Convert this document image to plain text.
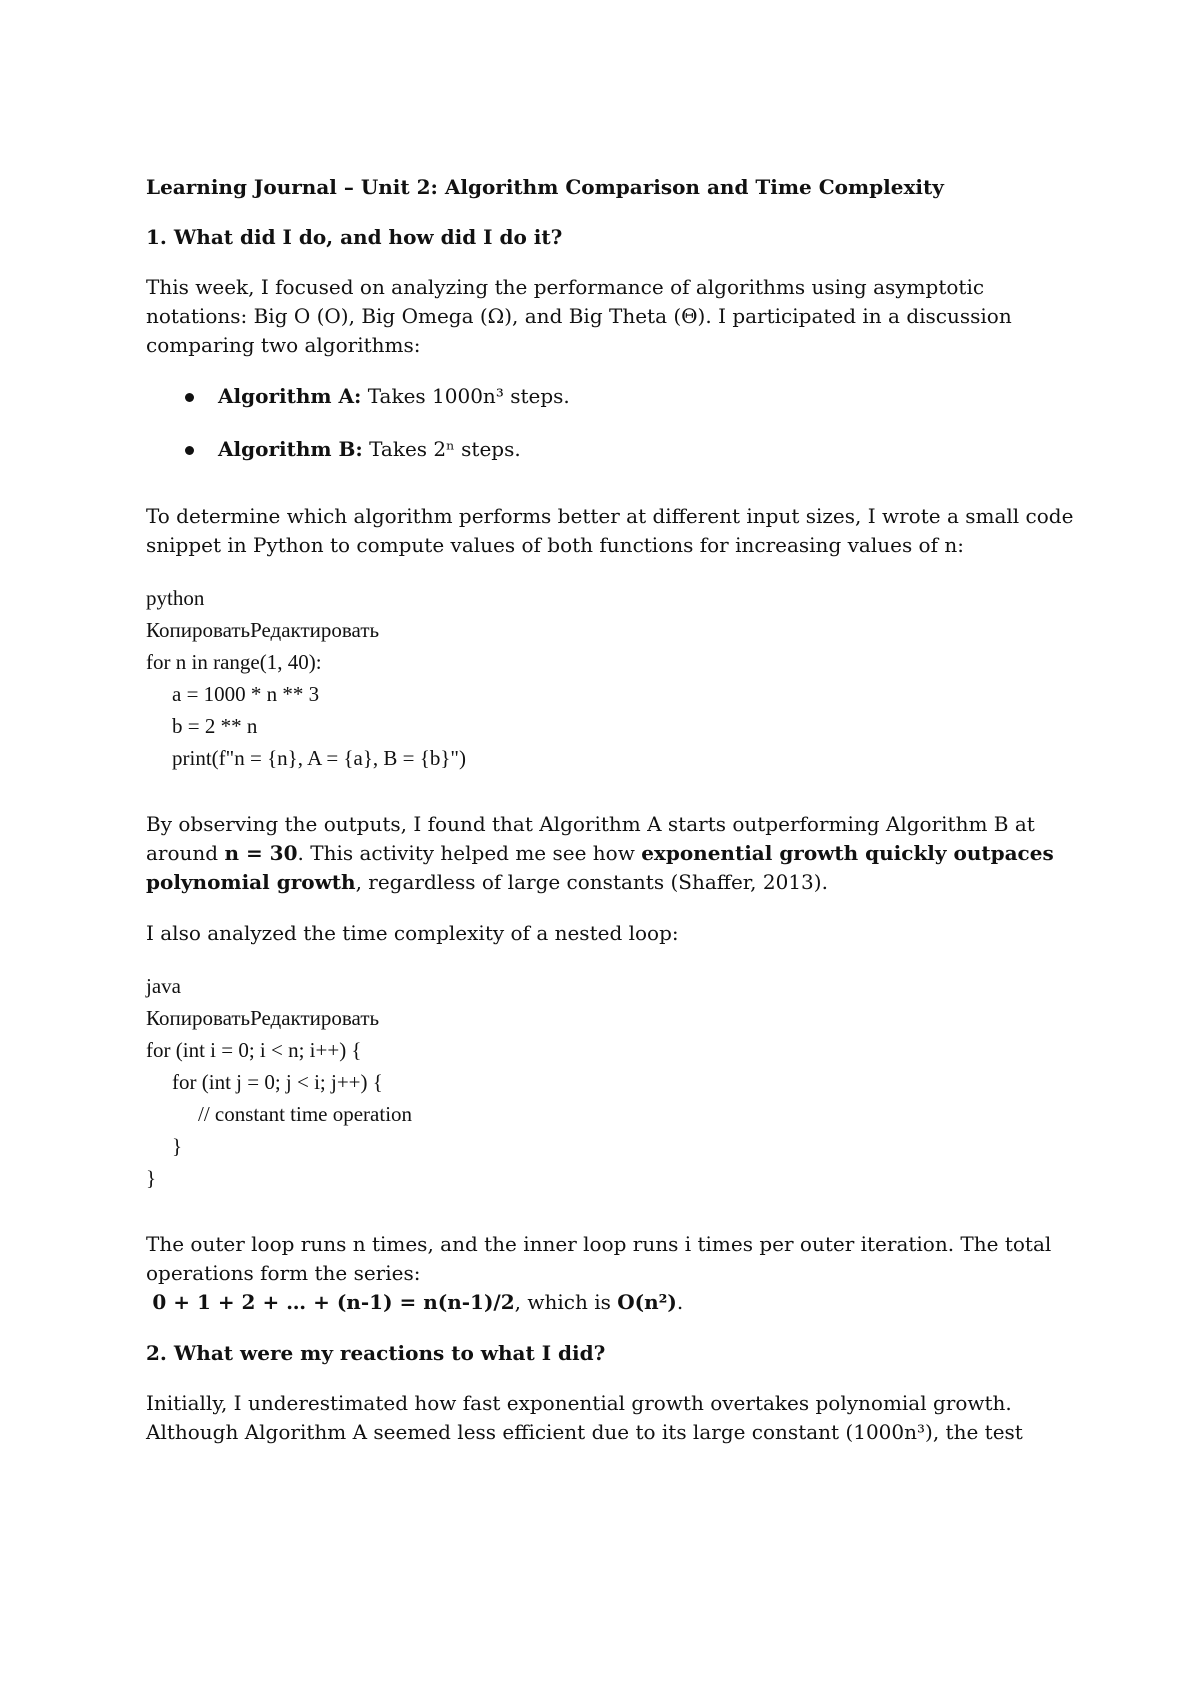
Learning Journal – Unit 2: Algorithm Comparison and Time Complexity
1. What did I do, and how did I do it?
This week, I focused on analyzing the performance of algorithms using asymptotic notations: Big O (O), Big Omega (Ω), and Big Theta (Θ). I participated in a discussion comparing two algorithms:
Algorithm A: Takes 1000n³ steps.
Algorithm B: Takes 2ⁿ steps.
To determine which algorithm performs better at different input sizes, I wrote a small code snippet in Python to compute values of both functions for increasing values of n:
python
КопироватьРедактировать
for n in range(1, 40):
a = 1000 * n ** 3
b = 2 ** n
print(f"n = {n}, A = {a}, B = {b}")
By observing the outputs, I found that Algorithm A starts outperforming Algorithm B at around n = 30. This activity helped me see how exponential growth quickly outpaces polynomial growth, regardless of large constants (Shaffer, 2013).
I also analyzed the time complexity of a nested loop:
java
КопироватьРедактировать
for (int i = 0; i < n; i++) {
for (int j = 0; j < i; j++) {
// constant time operation
}
}
The outer loop runs n times, and the inner loop runs i times per outer iteration. The total operations form the series:
0 + 1 + 2 + … + (n-1) = n(n-1)/2, which is O(n²).
2. What were my reactions to what I did?
Initially, I underestimated how fast exponential growth overtakes polynomial growth. Although Algorithm A seemed less efficient due to its large constant (1000n³), the test
